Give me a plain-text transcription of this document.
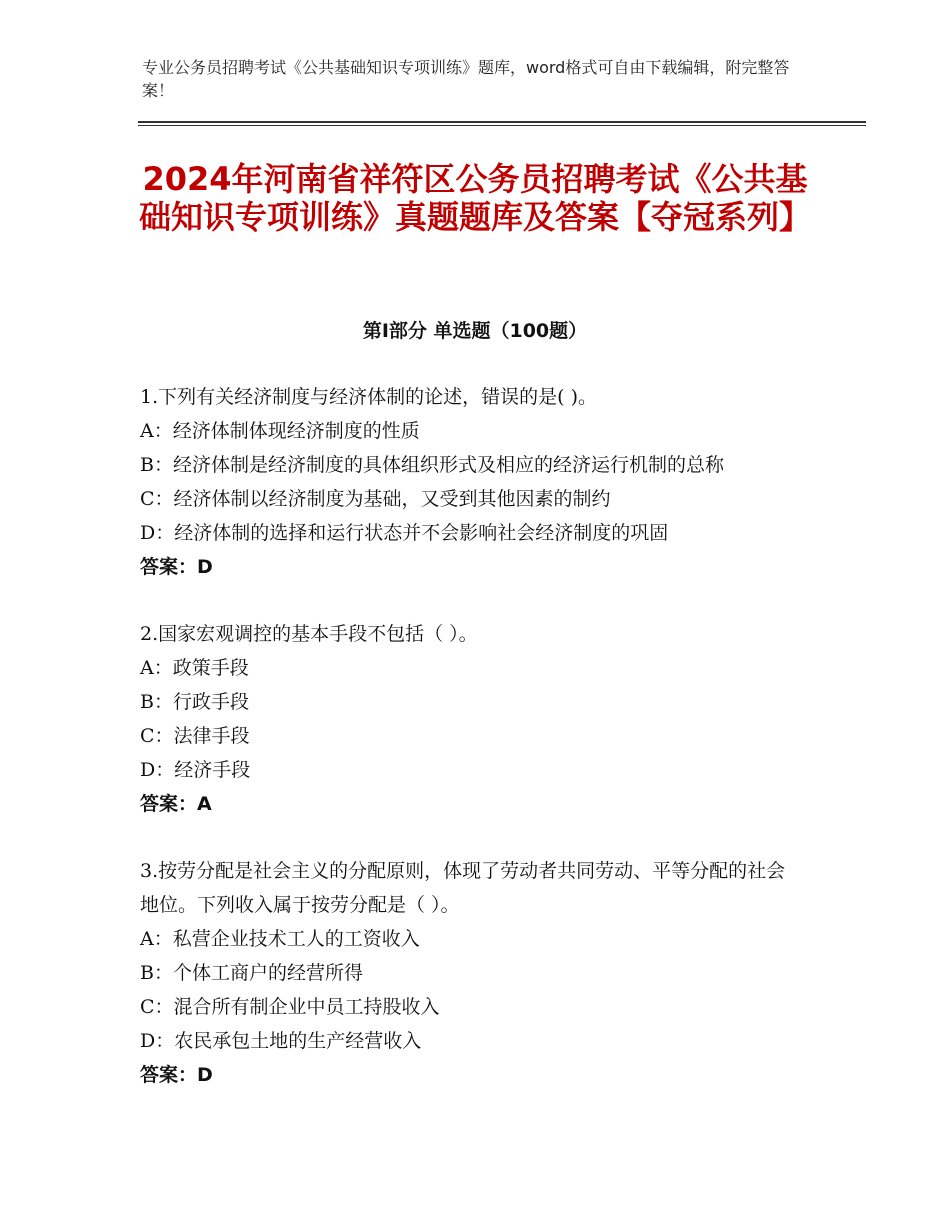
专业公务员招聘考试《公共基础知识专项训练》题库，word格式可自由下载编辑，附完整答案！
2024年河南省祥符区公务员招聘考试《公共基础知识专项训练》真题题库及答案【夺冠系列】
第Ⅰ部分 单选题（100题）

1.下列有关经济制度与经济体制的论述，错误的是( )。

A：经济体制体现经济制度的性质

B：经济体制是经济制度的具体组织形式及相应的经济运行机制的总称

C：经济体制以经济制度为基础，又受到其他因素的制约

D：经济体制的选择和运行状态并不会影响社会经济制度的巩固

答案：D

2.国家宏观调控的基本手段不包括（ ）。

A：政策手段

B：行政手段

C：法律手段

D：经济手段

答案：A

3.按劳分配是社会主义的分配原则，体现了劳动者共同劳动、平等分配的社会地位。下列收入属于按劳分配是（ ）。

A：私营企业技术工人的工资收入

B：个体工商户的经营所得

C：混合所有制企业中员工持股收入

D：农民承包土地的生产经营收入

答案：D
